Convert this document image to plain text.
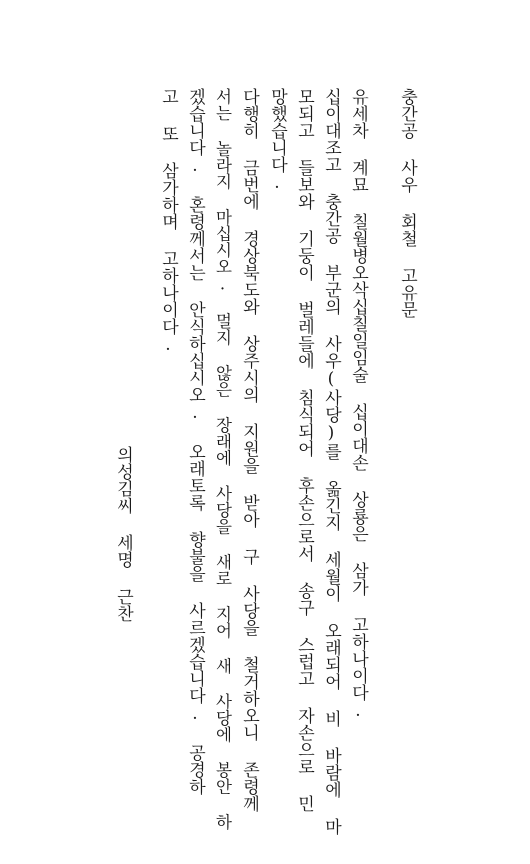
충간공 사우 회철 고유문
유세차 계묘 칠월병오삭십칠일임술 십이대손 상룡은 삼가 고하나이다.
십이대조고 충간공 부군의 사우(사당)를 옮긴지 세월이 오래되어 비 바람에 마
모되고 들보와 기둥이 벌레들에 침식되어 후손으로서 송구 스럽고 자손으로 민
망했습니다.
다행히 금번에 경상북도와 상주시의 지원을 받아 구 사당을 철거하오니 존령께
서는 놀라지 마십시오. 멀지 않은 장래에 사당을 새로 지어 새 사당에 봉안 하
겠습니다. 혼령께서는 안식하십시오. 오래토록 향불을 사르겠습니다. 공경하
고 또 삼가하며 고하나이다.
의성김씨 세명 근찬
